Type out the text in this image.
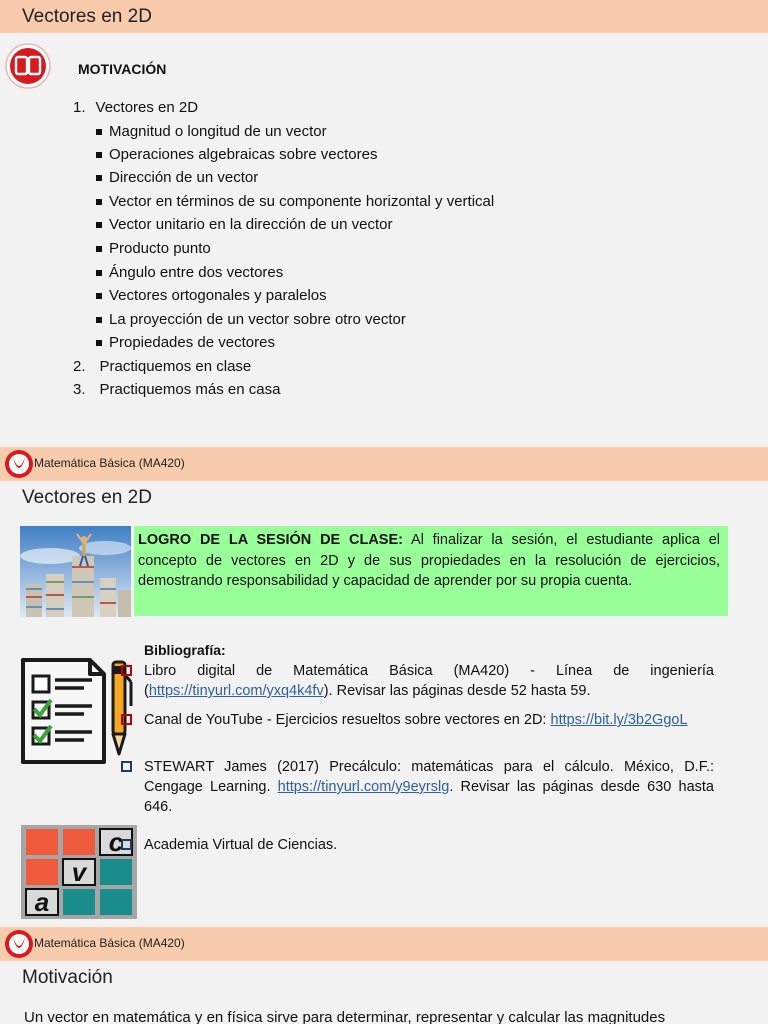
Vectores en 2D
MOTIVACIÓN
1. Vectores en 2D
Magnitud o longitud de un vector
Operaciones algebraicas sobre vectores
Dirección de un vector
Vector en términos de su componente horizontal y vertical
Vector unitario en la dirección de un vector
Producto punto
Ángulo entre dos vectores
Vectores ortogonales y paralelos
La proyección de un vector sobre otro vector
Propiedades de vectores
2. Practiquemos en clase
3. Practiquemos más en casa
Matemática Básica (MA420)
Vectores en 2D
LOGRO DE LA SESIÓN DE CLASE: Al finalizar la sesión, el estudiante aplica el concepto de vectores en 2D y de sus propiedades en la resolución de ejercicios, demostrando responsabilidad y capacidad de aprender por su propia cuenta.
Bibliografía:
Libro digital de Matemática Básica (MA420) - Línea de ingeniería (https://tinyurl.com/yxq4k4fv). Revisar las páginas desde 52 hasta 59.
Canal de YouTube - Ejercicios resueltos sobre vectores en 2D: https://bit.ly/3b2GgoL
STEWART James (2017) Precálculo: matemáticas para el cálculo. México, D.F.: Cengage Learning. https://tinyurl.com/y9eyrslg. Revisar las páginas desde 630 hasta 646.
c
v
a
Academia Virtual de Ciencias.
Matemática Básica (MA420)
Motivación
Un vector en matemática y en física sirve para determinar, representar y calcular las magnitudes
